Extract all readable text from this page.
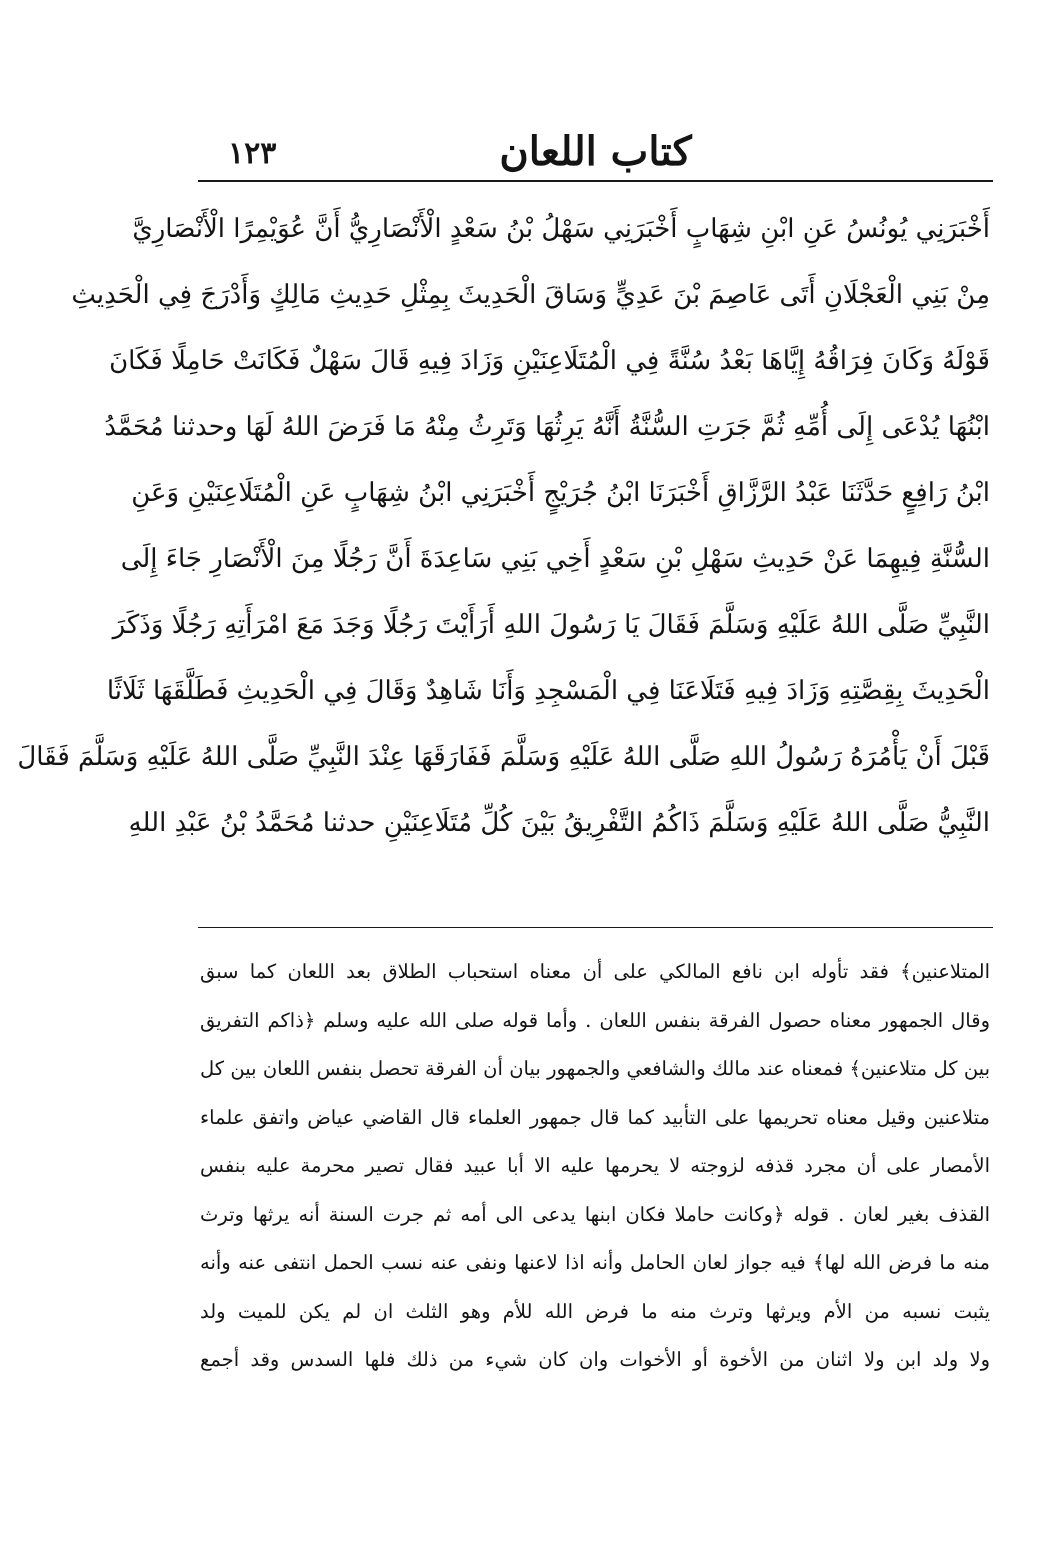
١٢٣	كتاب اللعان
أَخْبَرَنِي يُونُسُ عَنِ ابْنِ شِهَابٍ أَخْبَرَنِي سَهْلُ بْنُ سَعْدٍ الْأَنْصَارِيُّ أَنَّ عُوَيْمِرًا الْأَنْصَارِيَّ
مِنْ بَنِي الْعَجْلَانِ أَتَى عَاصِمَ بْنَ عَدِيٍّ وَسَاقَ الْحَدِيثَ بِمِثْلِ حَدِيثِ مَالِكٍ وَأَدْرَجَ فِي الْحَدِيثِ
قَوْلَهُ وَكَانَ فِرَاقُهُ إِيَّاهَا بَعْدُ سُنَّةً فِي الْمُتَلَاعِنَيْنِ وَزَادَ فِيهِ قَالَ سَهْلٌ فَكَانَتْ حَامِلًا فَكَانَ
ابْنُهَا يُدْعَى إِلَى أُمِّهِ ثُمَّ جَرَتِ السُّنَّةُ أَنَّهُ يَرِثُهَا وَتَرِثُ مِنْهُ مَا فَرَضَ اللهُ لَهَا وحدثنا مُحَمَّدُ
ابْنُ رَافِعٍ حَدَّثَنَا عَبْدُ الرَّزَّاقِ أَخْبَرَنَا ابْنُ جُرَيْجٍ أَخْبَرَنِي ابْنُ شِهَابٍ عَنِ الْمُتَلَاعِنَيْنِ وَعَنِ
السُّنَّةِ فِيهِمَا عَنْ حَدِيثِ سَهْلِ بْنِ سَعْدٍ أَخِي بَنِي سَاعِدَةَ أَنَّ رَجُلًا مِنَ الْأَنْصَارِ جَاءَ إِلَى
النَّبِيِّ صَلَّى اللهُ عَلَيْهِ وَسَلَّمَ فَقَالَ يَا رَسُولَ اللهِ أَرَأَيْتَ رَجُلًا وَجَدَ مَعَ امْرَأَتِهِ رَجُلًا وَذَكَرَ
الْحَدِيثَ بِقِصَّتِهِ وَزَادَ فِيهِ فَتَلَاعَنَا فِي الْمَسْجِدِ وَأَنَا شَاهِدٌ وَقَالَ فِي الْحَدِيثِ فَطَلَّقَهَا ثَلَاثًا
قَبْلَ أَنْ يَأْمُرَهُ رَسُولُ اللهِ صَلَّى اللهُ عَلَيْهِ وَسَلَّمَ فَفَارَقَهَا عِنْدَ النَّبِيِّ صَلَّى اللهُ عَلَيْهِ وَسَلَّمَ فَقَالَ
النَّبِيُّ صَلَّى اللهُ عَلَيْهِ وَسَلَّمَ ذَاكُمُ التَّفْرِيقُ بَيْنَ كُلِّ مُتَلَاعِنَيْنِ حدثنا مُحَمَّدُ بْنُ عَبْدِ اللهِ
المتلاعنين﴾ فقد تأوله ابن نافع المالكي على أن معناه استحباب الطلاق بعد اللعان كما سبق
وقال الجمهور معناه حصول الفرقة بنفس اللعان . وأما قوله صلى الله عليه وسلم ﴿ذاكم التفريق
بين كل متلاعنين﴾ فمعناه عند مالك والشافعي والجمهور بيان أن الفرقة تحصل بنفس اللعان بين كل
متلاعنين وقيل معناه تحريمها على التأبيد كما قال جمهور العلماء قال القاضي عياض واتفق علماء
الأمصار على أن مجرد قذفه لزوجته لا يحرمها عليه الا أبا عبيد فقال تصير محرمة عليه بنفس
القذف بغير لعان . قوله ﴿وكانت حاملا فكان ابنها يدعى الى أمه ثم جرت السنة أنه يرثها وترث
منه ما فرض الله لها﴾ فيه جواز لعان الحامل وأنه اذا لاعنها ونفى عنه نسب الحمل انتفى عنه وأنه
يثبت نسبه من الأم ويرثها وترث منه ما فرض الله للأم وهو الثلث ان لم يكن للميت ولد
ولا ولد ابن ولا اثنان من الأخوة أو الأخوات وان كان شيء من ذلك فلها السدس وقد أجمع
